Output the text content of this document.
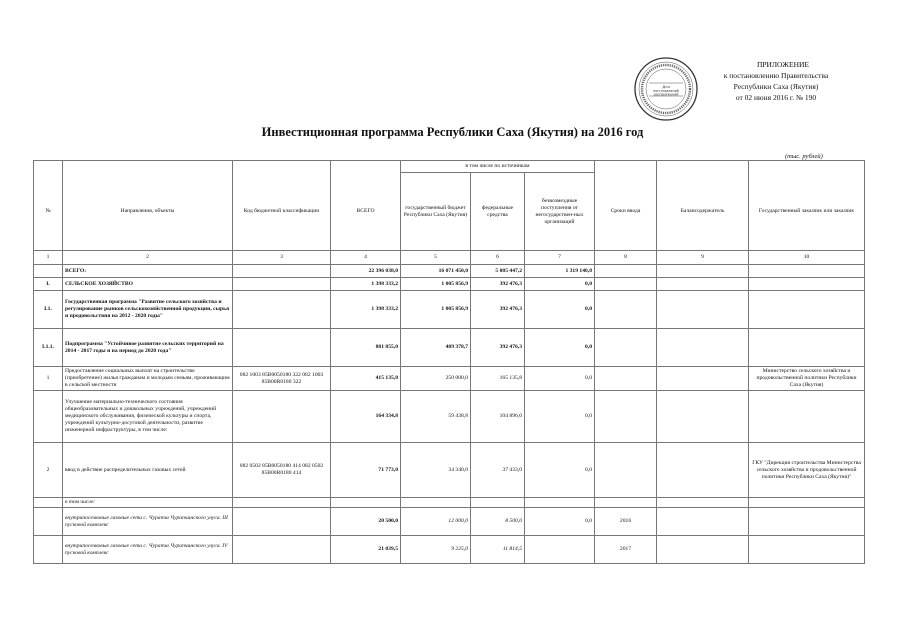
Для
постановлений
распоряжений
ПРИЛОЖЕНИЕ
к постановлению Правительства
Республики Саха (Якутия)
от 02 июня 2016 г. № 190
Инвестиционная программа Республики Саха (Якутия) на 2016 год
(тыс. рублей)
				в том числе по источникам					
№	Направления, объекты	Код бюджетной классификации	ВСЕГО	государственный бюджет Республики Саха (Якутия)	федеральные средства	безвозмездные поступления от негосударствен-ных организаций	Сроки ввода	Балансодержатель	Государственный заказчик или заказчик
1	2	3	4	5	6	7	8	9	10
	ВСЕГО:		22 396 038,0	16 071 450,0	5 005 447,2	1 319 140,8			
I.	СЕЛЬСКОЕ ХОЗЯЙСТВО		1 398 333,2	1 005 856,9	392 476,3	0,0			
I.1.	Государственная программа "Развитие сельского хозяйства и регулирование рынков сельскохозяйственной продукции, сырья и продовольствия на 2012 - 2020 годы"		1 398 333,2	1 005 856,9	392 476,3	0,0			
I.1.1.	Подпрограмма "Устойчивое развитие сельских территорий на 2014 - 2017 годы и на период до 2020 года"		881 855,0	489 378,7	392 476,3	0,0			
1	Предоставление социальных выплат на строительство (приобретение) жилья гражданам и молодым семьям, проживающим в сельской местности	082 1003 85В0050180 322 082 1003 85В00R0180 322	415 135,8	250 000,0	165 135,8	0,0			Министерство сельского хозяйства и продовольственной политики Республики Саха (Якутия)
	Улучшение материально-технического состояния общеобразовательных и дошкольных учреждений, учреждений медицинского обслуживания, физической культуры и спорта, учреждений культурно-досуговой деятельности, развитие инженерной инфраструктуры, в том числе:		164 334,8	59 438,8	104 896,0	0,0			
2	ввод в действие распределительных газовых сетей	082 0502 85В0050180 414 082 0502 85В00R0180 414	71 773,0	34 340,0	37 433,0	0,0			ГКУ "Дирекция строительства Министерства сельского хозяйства и продовольственной политики Республики Саха (Якутия)"
	в том числе:								
	внутрипоселковые газовые сети с. Чурапча Чурапчинского улуса. III пусковой комплекс		20 500,0	12 000,0	8 500,0	0,0	2016		
	внутрипоселковые газовые сети с. Чурапча Чурапчинского улуса. IV пусковой комплекс		21 039,5	9 225,0	11 814,5		2017		
